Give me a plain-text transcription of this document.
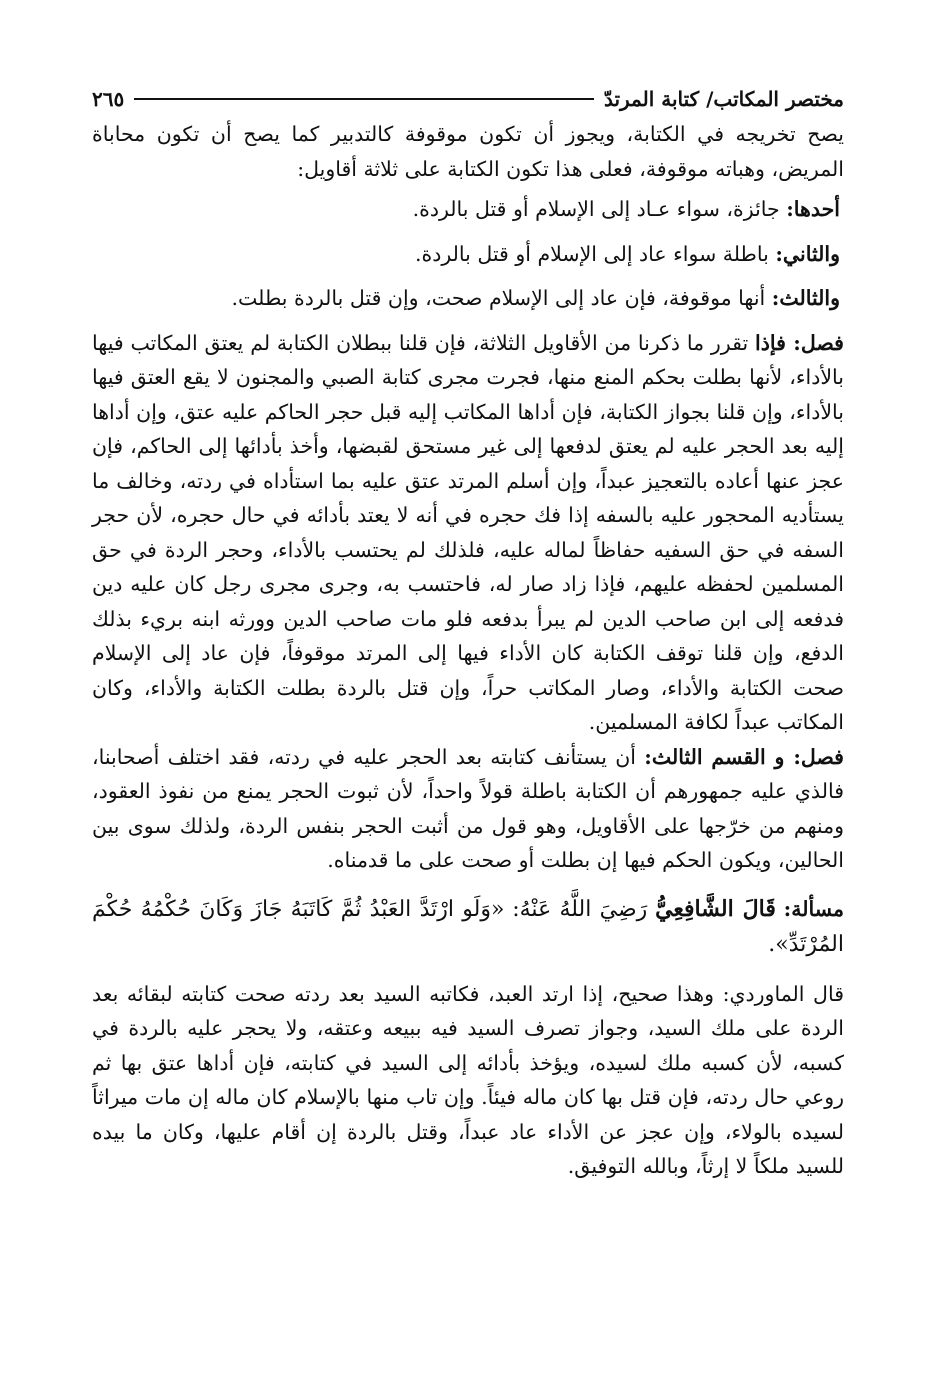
مختصر المكاتب/ كتابة المرتدّ
٢٦٥

يصح تخريجه في الكتابة، ويجوز أن تكون موقوفة كالتدبير كما يصح أن تكون محاباة المريض، وهباته موقوفة، فعلى هذا تكون الكتابة على ثلاثة أقاويل:

أحدها: جائزة، سواء عـاد إلى الإسلام أو قتل بالردة.

والثاني: باطلة سواء عاد إلى الإسلام أو قتل بالردة.

والثالث: أنها موقوفة، فإن عاد إلى الإسلام صحت، وإن قتل بالردة بطلت.

فصل: فإذا تقرر ما ذكرنا من الأقاويل الثلاثة، فإن قلنا ببطلان الكتابة لم يعتق المكاتب فيها بالأداء، لأنها بطلت بحكم المنع منها، فجرت مجرى كتابة الصبي والمجنون لا يقع العتق فيها بالأداء، وإن قلنا بجواز الكتابة، فإن أداها المكاتب إليه قبل حجر الحاكم عليه عتق، وإن أداها إليه بعد الحجر عليه لم يعتق لدفعها إلى غير مستحق لقبضها، وأخذ بأدائها إلى الحاكم، فإن عجز عنها أعاده بالتعجيز عبداً، وإن أسلم المرتد عتق عليه بما استأداه في ردته، وخالف ما يستأديه المحجور عليه بالسفه إذا فك حجره في أنه لا يعتد بأدائه في حال حجره، لأن حجر السفه في حق السفيه حفاظاً لماله عليه، فلذلك لم يحتسب بالأداء، وحجر الردة في حق المسلمين لحفظه عليهم، فإذا زاد صار له، فاحتسب به، وجرى مجرى رجل كان عليه دين فدفعه إلى ابن صاحب الدين لم يبرأ بدفعه فلو مات صاحب الدين وورثه ابنه بريء بذلك الدفع، وإن قلنا توقف الكتابة كان الأداء فيها إلى المرتد موقوفاً، فإن عاد إلى الإسلام صحت الكتابة والأداء، وصار المكاتب حراً، وإن قتل بالردة بطلت الكتابة والأداء، وكان المكاتب عبداً لكافة المسلمين.

فصل: و القسم الثالث: أن يستأنف كتابته بعد الحجر عليه في ردته، فقد اختلف أصحابنا، فالذي عليه جمهورهم أن الكتابة باطلة قولاً واحداً، لأن ثبوت الحجر يمنع من نفوذ العقود، ومنهم من خرّجها على الأقاويل، وهو قول من أثبت الحجر بنفس الردة، ولذلك سوى بين الحالين، ويكون الحكم فيها إن بطلت أو صحت على ما قدمناه.

مسألة: قَالَ الشَّافِعِيُّ رَضِيَ اللَّهُ عَنْهُ: «وَلَو ارْتَدَّ العَبْدُ ثُمَّ كَاتَبَهُ جَازَ وَكَانَ حُكْمُهُ حُكْمَ المُرْتَدِّ».

قال الماوردي: وهذا صحيح، إذا ارتد العبد، فكاتبه السيد بعد ردته صحت كتابته لبقائه بعد الردة على ملك السيد، وجواز تصرف السيد فيه ببيعه وعتقه، ولا يحجر عليه بالردة في كسبه، لأن كسبه ملك لسيده، ويؤخذ بأدائه إلى السيد في كتابته، فإن أداها عتق بها ثم روعي حال ردته، فإن قتل بها كان ماله فيئاً. وإن تاب منها بالإسلام كان ماله إن مات ميراثاً لسيده بالولاء، وإن عجز عن الأداء عاد عبداً، وقتل بالردة إن أقام عليها، وكان ما بيده للسيد ملكاً لا إرثاً، وبالله التوفيق.
